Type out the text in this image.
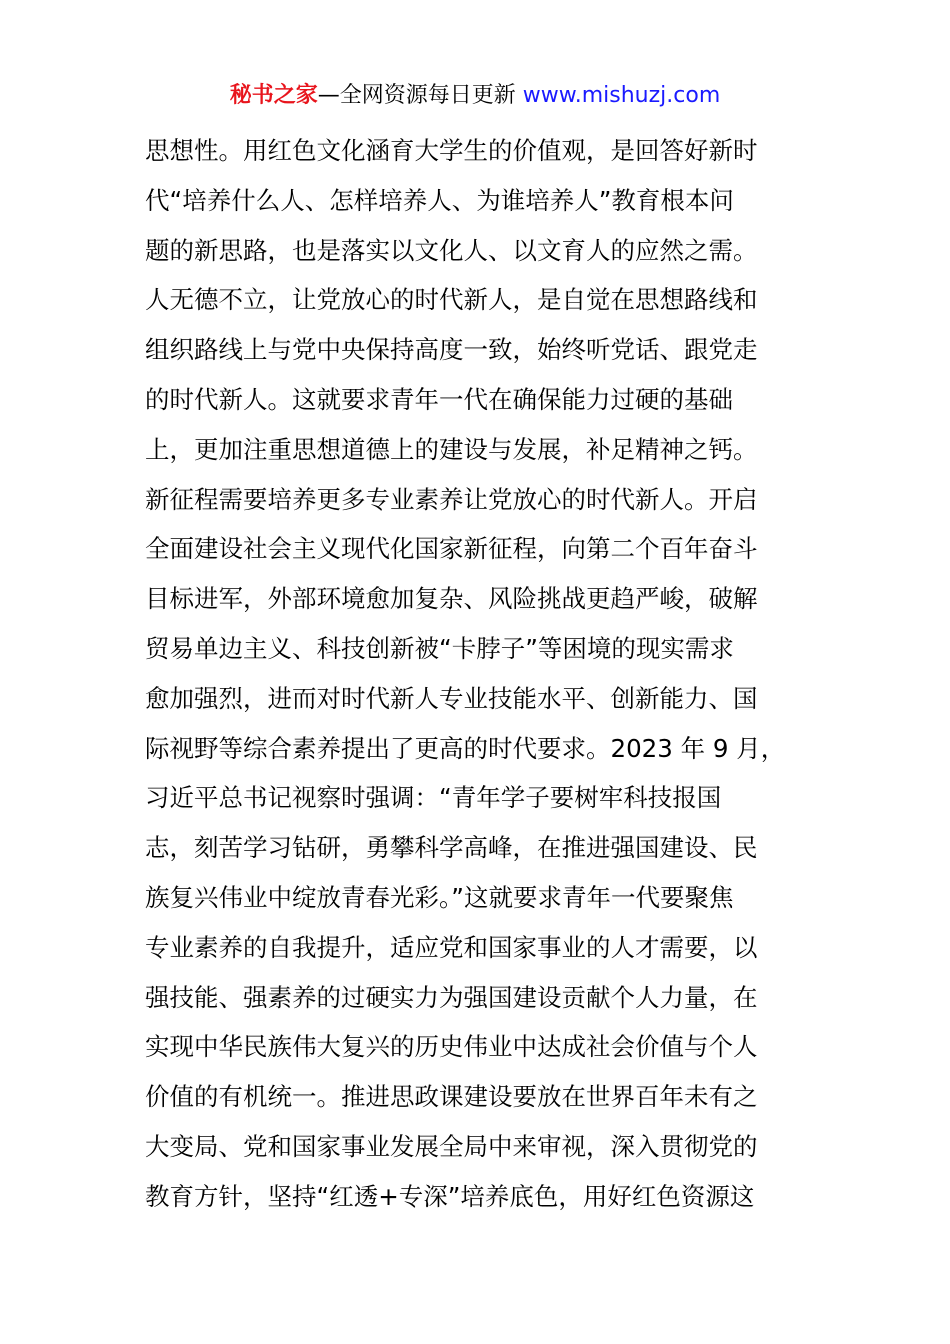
秘书之家—全网资源每日更新 www.mishuzj.com
思想性。用红色文化涵育大学生的价值观，是回答好新时
代“培养什么人、怎样培养人、为谁培养人”教育根本问
题的新思路，也是落实以文化人、以文育人的应然之需。
人无德不立，让党放心的时代新人，是自觉在思想路线和
组织路线上与党中央保持高度一致，始终听党话、跟党走
的时代新人。这就要求青年一代在确保能力过硬的基础
上，更加注重思想道德上的建设与发展，补足精神之钙。
新征程需要培养更多专业素养让党放心的时代新人。开启
全面建设社会主义现代化国家新征程，向第二个百年奋斗
目标进军，外部环境愈加复杂、风险挑战更趋严峻，破解
贸易单边主义、科技创新被“卡脖子”等困境的现实需求
愈加强烈，进而对时代新人专业技能水平、创新能力、国
际视野等综合素养提出了更高的时代要求。2023 年 9 月，
习近平总书记视察时强调：“青年学子要树牢科技报国
志，刻苦学习钻研，勇攀科学高峰，在推进强国建设、民
族复兴伟业中绽放青春光彩。”这就要求青年一代要聚焦
专业素养的自我提升，适应党和国家事业的人才需要，以
强技能、强素养的过硬实力为强国建设贡献个人力量，在
实现中华民族伟大复兴的历史伟业中达成社会价值与个人
价值的有机统一。推进思政课建设要放在世界百年未有之
大变局、党和国家事业发展全局中来审视，深入贯彻党的
教育方针，坚持“红透+专深”培养底色，用好红色资源这
